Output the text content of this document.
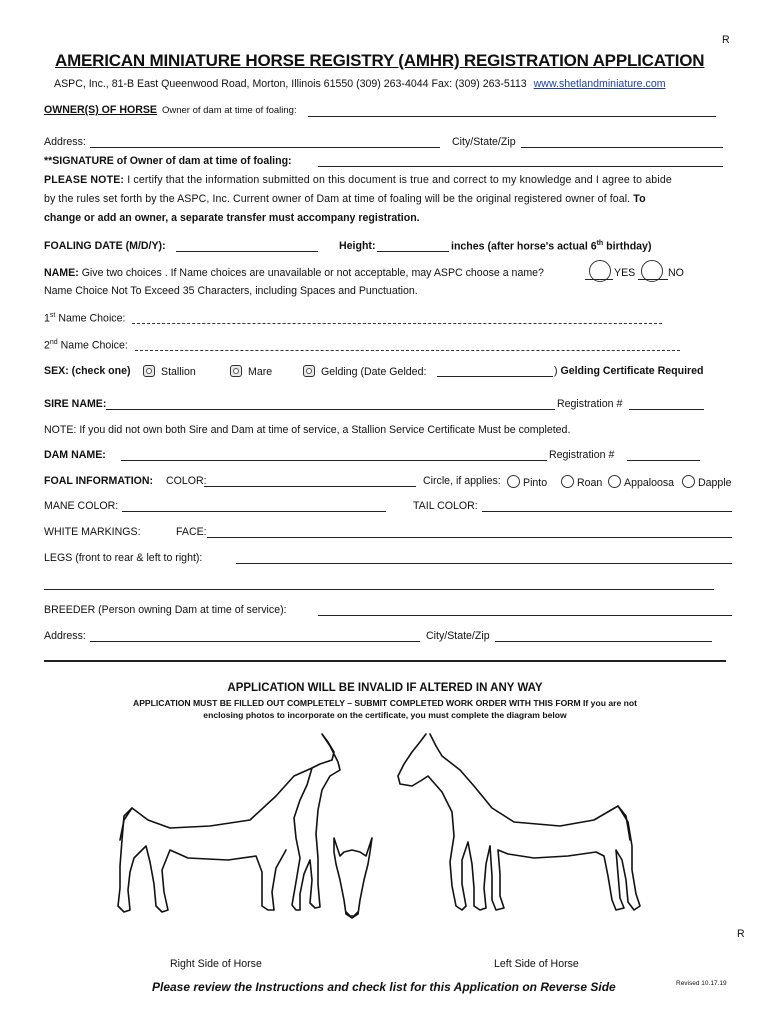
R
R
AMERICAN MINIATURE HORSE REGISTRY (AMHR) REGISTRATION APPLICATION
ASPC, Inc., 81-B East Queenwood Road, Morton, Illinois 61550 (309) 263-4044 Fax: (309) 263-5113 www.shetlandminiature.com
OWNER(S) OF HORSE Owner of dam at time of foaling:
Address:	City/State/Zip
**SIGNATURE of Owner of dam at time of foaling:
PLEASE NOTE: I certify that the information submitted on this document is true and correct to my knowledge and I agree to abide
by the rules set forth by the ASPC, Inc. Current owner of Dam at time of foaling will be the original registered owner of foal. To
change or add an owner, a separate transfer must accompany registration.
FOALING DATE (M/D/Y):	Height:	inches (after horse's actual 6th birthday)
NAME: Give two choices . If Name choices are unavailable or not acceptable, may ASPC choose a name?	YES	NO
Name Choice Not To Exceed 35 Characters, including Spaces and Punctuation.
1st Name Choice:
2nd Name Choice:
SEX: (check one)	Stallion	Mare	Gelding (Date Gelded:	) Gelding Certificate Required
SIRE NAME:	Registration #
NOTE: If you did not own both Sire and Dam at time of service, a Stallion Service Certificate Must be completed.
DAM NAME:	Registration #
FOAL INFORMATION: COLOR:	Circle, if applies:	Pinto	Roan	Appaloosa	Dapple
MANE COLOR:	TAIL COLOR:
WHITE MARKINGS:	FACE:
LEGS (front to rear & left to right):
BREEDER (Person owning Dam at time of service):
Address:	City/State/Zip
APPLICATION WILL BE INVALID IF ALTERED IN ANY WAY
APPLICATION MUST BE FILLED OUT COMPLETELY – SUBMIT COMPLETED WORK ORDER WITH THIS FORM If you are not
enclosing photos to incorporate on the certificate, you must complete the diagram below
Right Side of Horse	Left Side of Horse
Please review the Instructions and check list for this Application on Reverse Side	Revised 10.17.19
